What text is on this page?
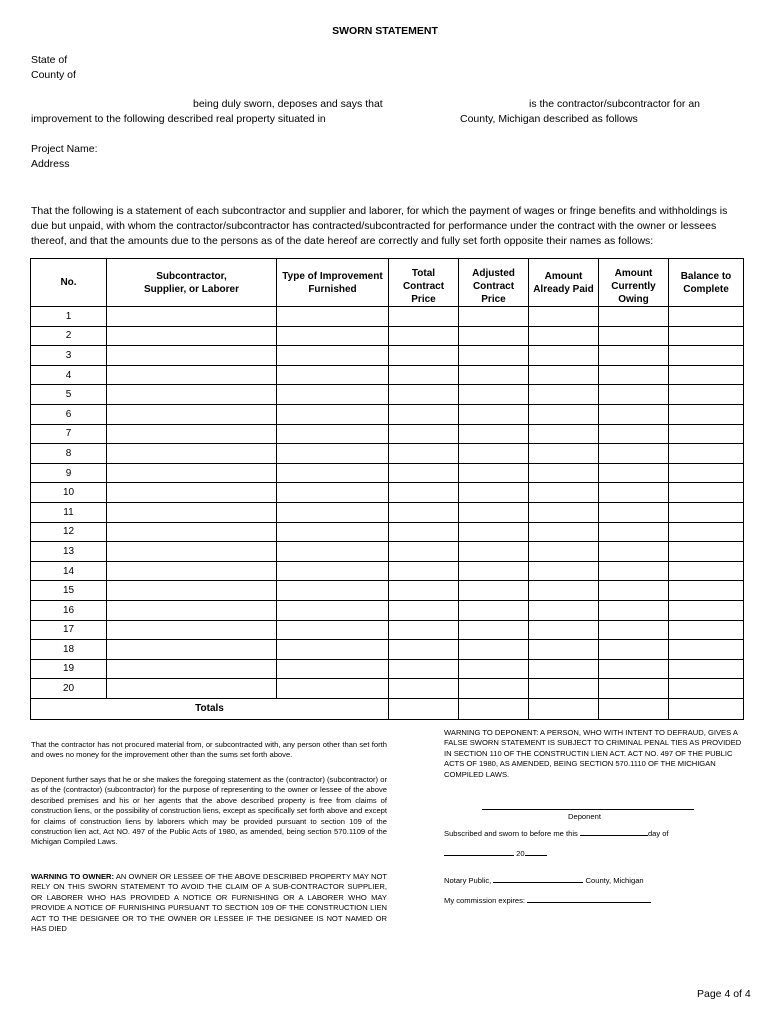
SWORN STATEMENT
State of
County of
being duly sworn, deposes and says that	is the contractor/subcontractor for an
improvement to the following described real property situated in	County, Michigan described as follows
Project Name:
Address
That the following is a statement of each subcontractor and supplier and laborer, for which the payment of wages or fringe benefits and withholdings is due but unpaid, with whom the contractor/subcontractor has contracted/subcontracted for performance under the contract with the owner or lessees thereof, and that the amounts due to the persons as of the date hereof are correctly and fully set forth opposite their names as follows:
No.	Subcontractor, Supplier, or Laborer	Type of Improvement Furnished	Total Contract Price	Adjusted Contract Price	Amount Already Paid	Amount Currently Owing	Balance to Complete

1							
2							
3							
4							
5							
6							
7							
8							
9							
10							
11							
12							
13							
14							
15							
16							
17							
18							
19							
20							
Totals							
That the contractor has not procured material from, or subcontracted with, any person other than set forth and owes no money for the improvement other than the sums set forth above.
Deponent further says that he or she makes the foregoing statement as the (contractor) (subcontractor) or as of the (contractor) (subcontractor) for the purpose of representing to the owner or lessee of the above described premises and his or her agents that the above described property is free from claims of construction liens, or the possibility of construction liens, except as specifically set forth above and except for claims of construction liens by laborers which may be provided pursuant to section 109 of the construction lien act, Act NO. 497 of the Public Acts of 1980, as amended, being section 570.1109 of the Michigan Compiled Laws.
WARNING TO OWNER: AN OWNER OR LESSEE OF THE ABOVE DESCRIBED PROPERTY MAY NOT RELY ON THIS SWORN STATEMENT TO AVOID THE CLAIM OF A SUB-CONTRACTOR SUPPLIER, OR LABORER WHO HAS PROVIDED A NOTICE OR FURNISHING OR A LABORER WHO MAY PROVIDE A NOTICE OF FURNISHING PURSUANT TO SECTION 109 OF THE CONSTRUCTION LIEN ACT TO THE DESIGNEE OR TO THE OWNER OR LESSEE IF THE DESIGNEE IS NOT NAMED OR HAS DIED
WARNING TO DEPONENT: A PERSON, WHO WITH INTENT TO DEFRAUD, GIVES A FALSE SWORN STATEMENT IS SUBJECT TO CRIMINAL PENAL TIES AS PROVIDED IN SECTION 110 OF THE CONSTRUCTIN LIEN ACT. ACT NO. 497 OF THE PUBLIC ACTS OF 1980, AS AMENDED, BEING SECTION 570.1110 OF THE MICHIGAN COMPILED LAWS.
Deponent
Subscribed and sworn to before me this	day of
20
Notary Public,	County, Michigan
My commission expires:
Page 4 of 4
